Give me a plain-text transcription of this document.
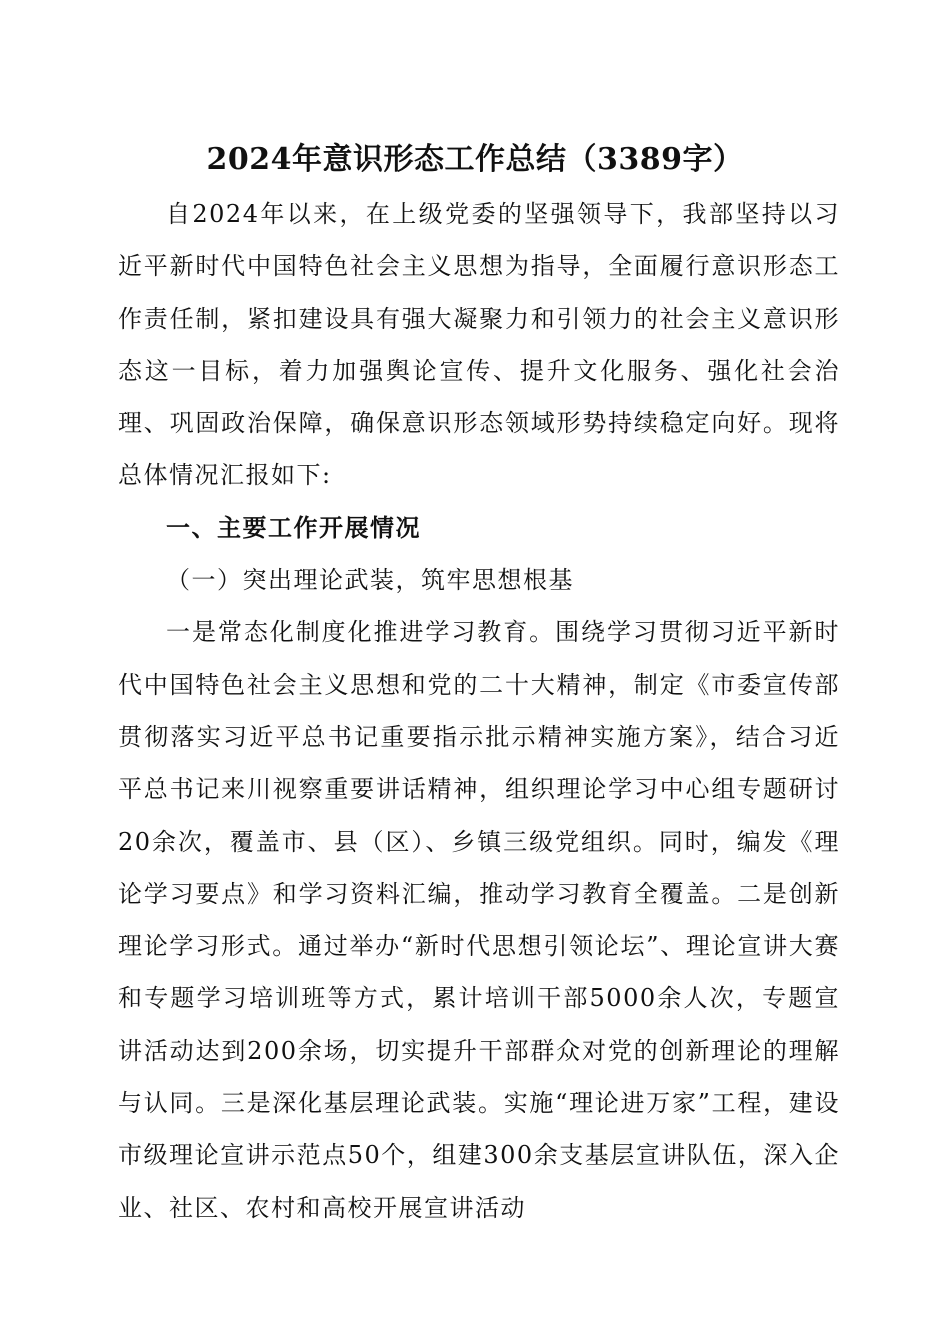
2024年意识形态工作总结（3389字）

自2024年以来，在上级党委的坚强领导下，我部坚持以习近平新时代中国特色社会主义思想为指导，全面履行意识形态工作责任制，紧扣建设具有强大凝聚力和引领力的社会主义意识形态这一目标，着力加强舆论宣传、提升文化服务、强化社会治理、巩固政治保障，确保意识形态领域形势持续稳定向好。现将总体情况汇报如下:

一、主要工作开展情况

（一）突出理论武装，筑牢思想根基

一是常态化制度化推进学习教育。围绕学习贯彻习近平新时代中国特色社会主义思想和党的二十大精神，制定《市委宣传部贯彻落实习近平总书记重要指示批示精神实施方案》，结合习近平总书记来川视察重要讲话精神，组织理论学习中心组专题研讨20余次，覆盖市、县（区）、乡镇三级党组织。同时，编发《理论学习要点》和学习资料汇编，推动学习教育全覆盖。二是创新理论学习形式。通过举办“新时代思想引领论坛”、理论宣讲大赛和专题学习培训班等方式，累计培训干部5000余人次，专题宣讲活动达到200余场，切实提升干部群众对党的创新理论的理解与认同。三是深化基层理论武装。实施“理论进万家”工程，建设市级理论宣讲示范点50个，组建300余支基层宣讲队伍，深入企业、社区、农村和高校开展宣讲活动
